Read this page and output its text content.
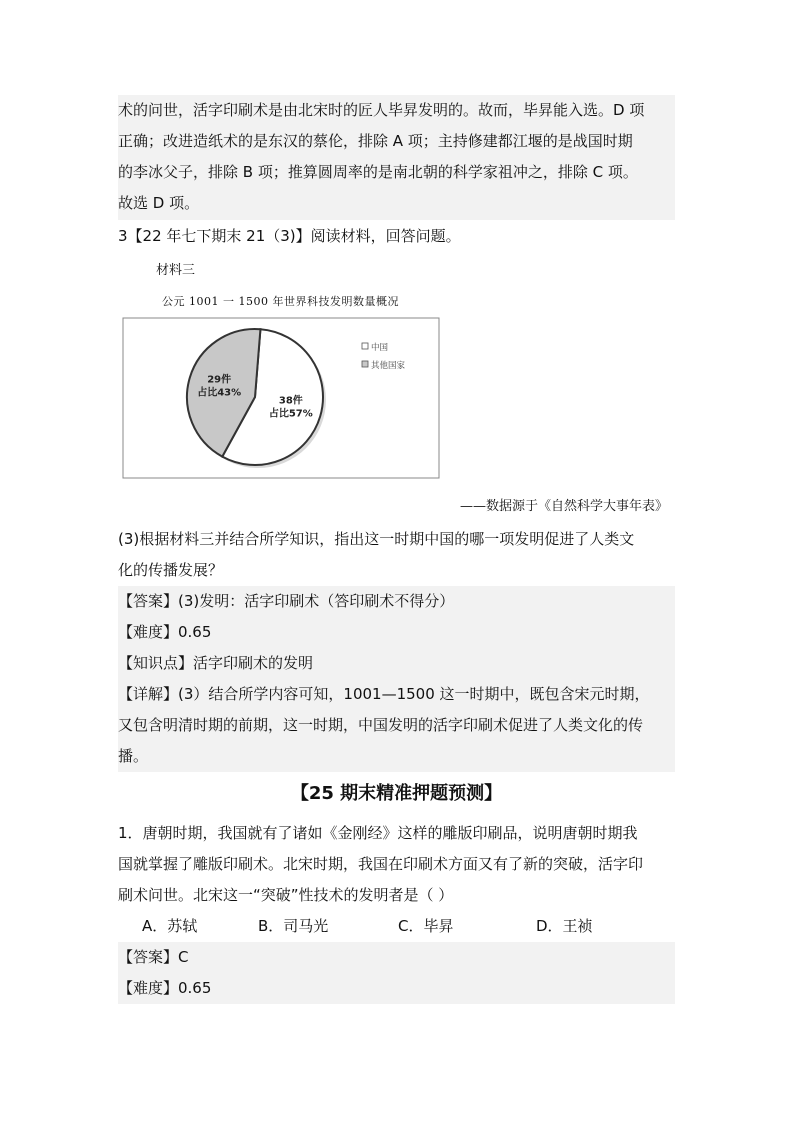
术的问世，活字印刷术是由北宋时的匠人毕昇发明的。故而，毕昇能入选。D 项
正确；改进造纸术的是东汉的蔡伦，排除 A 项；主持修建都江堰的是战国时期
的李冰父子，排除 B 项；推算圆周率的是南北朝的科学家祖冲之，排除 C 项。
故选 D 项。
3【22 年七下期末 21（3)】阅读材料，回答问题。
材料三
公元 1001 一 1500 年世界科技发明数量概况
38件
占比57%
29件
占比43%
中国
其他国家
——数据源于《自然科学大事年表》
(3)根据材料三并结合所学知识，指出这一时期中国的哪一项发明促进了人类文
化的传播发展？
【答案】(3)发明：活字印刷术（答印刷术不得分）
【难度】0.65
【知识点】活字印刷术的发明
【详解】(3）结合所学内容可知，1001—1500 这一时期中，既包含宋元时期，
又包含明清时期的前期，这一时期，中国发明的活字印刷术促进了人类文化的传
播。
【25 期末精准押题预测】
1．唐朝时期，我国就有了诸如《金刚经》这样的雕版印刷品，说明唐朝时期我
国就掌握了雕版印刷术。北宋时期，我国在印刷术方面又有了新的突破，活字印
刷术问世。北宋这一“突破”性技术的发明者是（ ）
A．苏轼	B．司马光	C．毕昇	D．王祯
【答案】C
【难度】0.65
